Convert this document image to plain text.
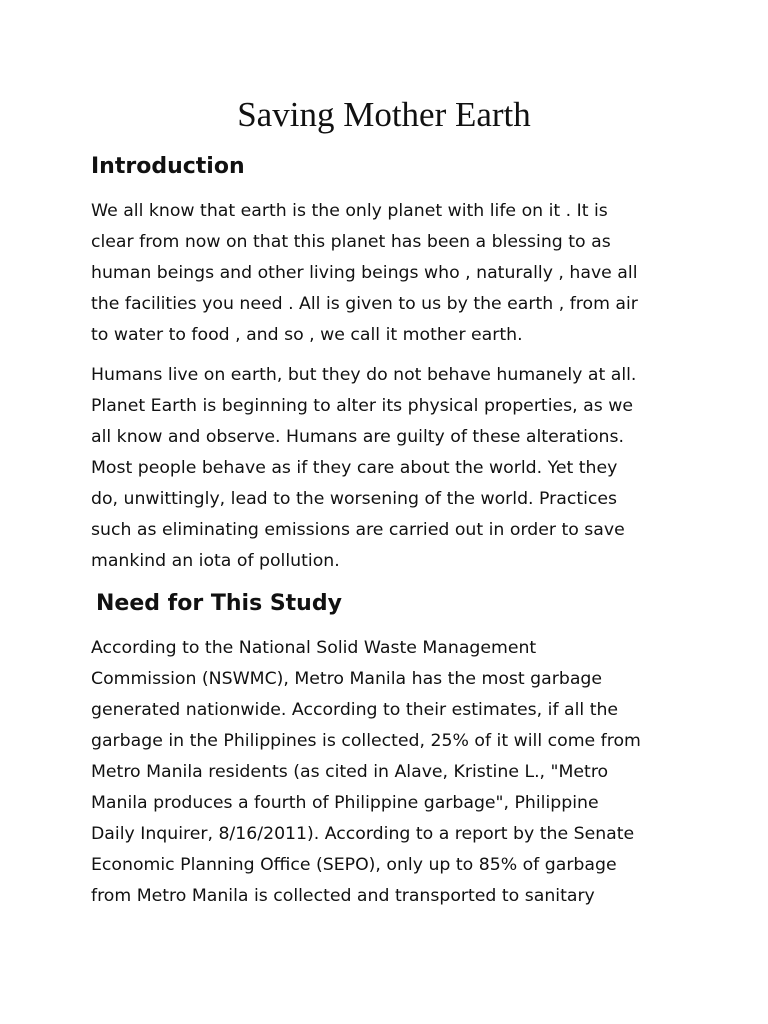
Saving Mother Earth
Introduction
We all know that earth is the only planet with life on it . It is
clear from now on that this planet has been a blessing to as
human beings and other living beings who , naturally , have all
the facilities you need . All is given to us by the earth , from air
to water to food , and so , we call it mother earth.
Humans live on earth, but they do not behave humanely at all.
Planet Earth is beginning to alter its physical properties, as we
all know and observe. Humans are guilty of these alterations.
Most people behave as if they care about the world. Yet they
do, unwittingly, lead to the worsening of the world. Practices
such as eliminating emissions are carried out in order to save
mankind an iota of pollution.
Need for This Study
According to the National Solid Waste Management
Commission (NSWMC), Metro Manila has the most garbage
generated nationwide. According to their estimates, if all the
garbage in the Philippines is collected, 25% of it will come from
Metro Manila residents (as cited in Alave, Kristine L., "Metro
Manila produces a fourth of Philippine garbage", Philippine
Daily Inquirer, 8/16/2011). According to a report by the Senate
Economic Planning Office (SEPO), only up to 85% of garbage
from Metro Manila is collected and transported to sanitary
